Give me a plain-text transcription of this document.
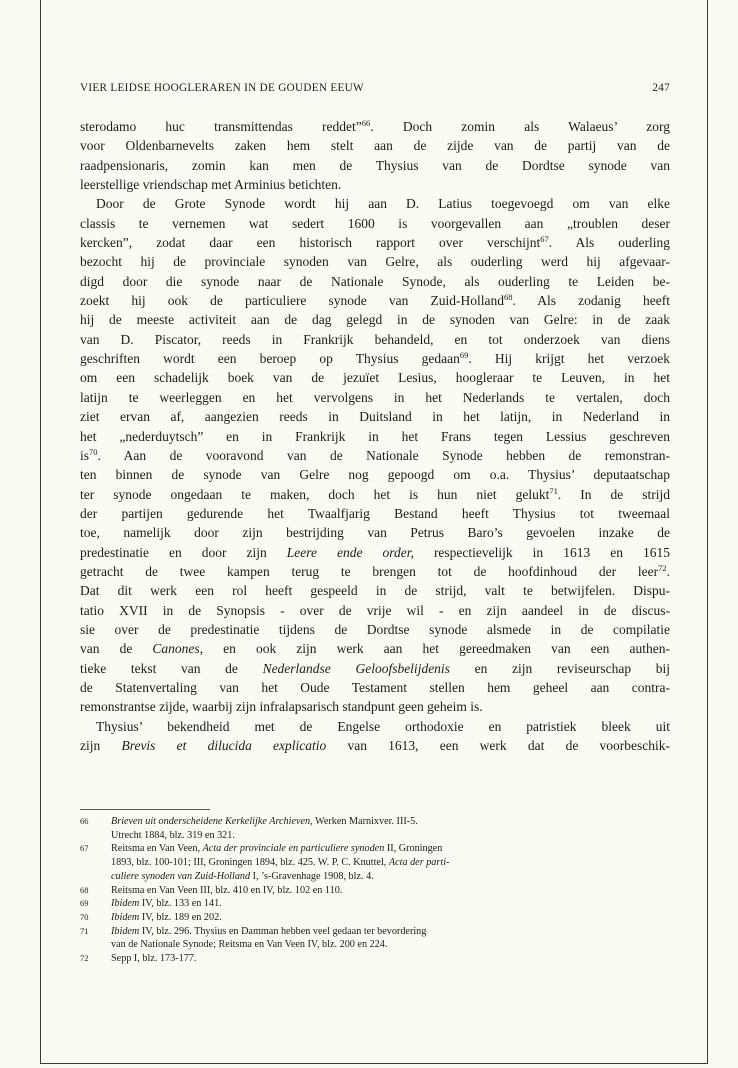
VIER LEIDSE HOOGLERAREN IN DE GOUDEN EEUW	247
sterodamo huc transmittendas reddet”$^{66}$. Doch zomin als Walaeus’ zorg
voor Oldenbarnevelts zaken hem stelt aan de zijde van de partij van de
raadpensionaris, zomin kan men de Thysius van de Dordtse synode van
leerstellige vriendschap met Arminius betichten.
Door de Grote Synode wordt hij aan D. Latius toegevoegd om van elke
classis te vernemen wat sedert 1600 is voorgevallen aan „troublen deser
kercken”, zodat daar een historisch rapport over verschijnt$^{67}$. Als ouderling
bezocht hij de provinciale synoden van Gelre, als ouderling werd hij afgevaar-
digd door die synode naar de Nationale Synode, als ouderling te Leiden be-
zoekt hij ook de particuliere synode van Zuid-Holland$^{68}$. Als zodanig heeft
hij de meeste activiteit aan de dag gelegd in de synoden van Gelre: in de zaak
van D. Piscator, reeds in Frankrijk behandeld, en tot onderzoek van diens
geschriften wordt een beroep op Thysius gedaan$^{69}$. Hij krijgt het verzoek
om een schadelijk boek van de jezuïet Lesius, hoogleraar te Leuven, in het
latijn te weerleggen en het vervolgens in het Nederlands te vertalen, doch
ziet ervan af, aangezien reeds in Duitsland in het latijn, in Nederland in
het „nederduytsch” en in Frankrijk in het Frans tegen Lessius geschreven
$is^{70}$. Aan de vooravond van de Nationale Synode hebben de remonstran-
ten binnen de synode van Gelre nog gepoogd om o.a. Thysius’ deputaatschap
ter synode ongedaan te maken, doch het is hun niet gelukt$^{71}$. In de strijd
der partijen gedurende het Twaalfjarig Bestand heeft Thysius tot tweemaal
toe, namelijk door zijn bestrijding van Petrus Baro’s gevoelen inzake de
predestinatie en door zijn Leere ende order, respectievelijk in 1613 en 1615
getracht de twee kampen terug te brengen tot de hoofdinhoud der leer$^{72}$.
Dat dit werk een rol heeft gespeeld in de strijd, valt te betwijfelen. Dispu-
tatio XVII in de Synopsis - over de vrije wil - en zijn aandeel in de discus-
sie over de predestinatie tijdens de Dordtse synode alsmede in de compilatie
van de Canones, en ook zijn werk aan het gereedmaken van een authen-
tieke tekst van de Nederlandse Geloofsbelijdenis en zijn reviseurschap bij
de Statenvertaling van het Oude Testament stellen hem geheel aan contra-
remonstrantse zijde, waarbij zijn infralapsarisch standpunt geen geheim is.
Thysius’ bekendheid met de Engelse orthodoxie en patristiek bleek uit
zijn Brevis et dilucida explicatio van 1613, een werk dat de voorbeschik-
66 Brieven uit onderscheidene Kerkelijke Archieven, Werken Marnixver. III-5.
Utrecht 1884, blz. 319 en 321.
67 Reitsma en Van Veen, Acta der provinciale en particuliere synoden II, Groningen
1893, blz. 100-101; III, Groningen 1894, blz. 425. W. P. C. Knuttel, Acta der parti-
culiere synoden van Zuid-Holland I, ’s-Gravenhage 1908, blz. 4.
68 Reitsma en Van Veen III, blz. 410 en IV, blz. 102 en 110.
69 Ibidem IV, blz. 133 en 141.
70 Ibidem IV, blz. 189 en 202.
71 Ibidem IV, blz. 296. Thysius en Damman hebben veel gedaan ter bevordering
van de Nationale Synode; Reitsma en Van Veen IV, blz. 200 en 224.
72 Sepp I, blz. 173-177.
